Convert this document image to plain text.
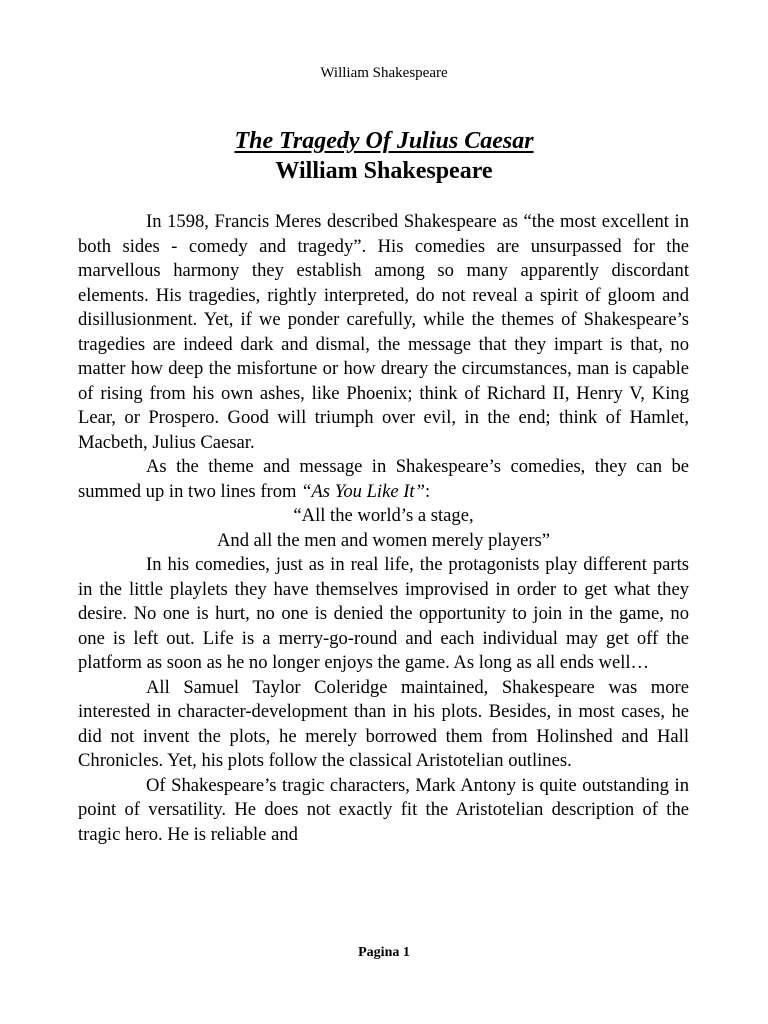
William Shakespeare

The Tragedy Of Julius Caesar

William Shakespeare

In 1598, Francis Meres described Shakespeare as “the most excellent in both sides - comedy and tragedy”. His comedies are unsurpassed for the marvellous harmony they establish among so many apparently discordant elements. His tragedies, rightly interpreted, do not reveal a spirit of gloom and disillusionment. Yet, if we ponder carefully, while the themes of Shakespeare’s tragedies are indeed dark and dismal, the message that they impart is that, no matter how deep the misfortune or how dreary the circumstances, man is capable of rising from his own ashes, like Phoenix; think of Richard II, Henry V, King Lear, or Prospero. Good will triumph over evil, in the end; think of Hamlet, Macbeth, Julius Caesar.

As the theme and message in Shakespeare’s comedies, they can be summed up in two lines from “As You Like It”:

“All the world’s a stage,

And all the men and women merely players”

In his comedies, just as in real life, the protagonists play different parts in the little playlets they have themselves improvised in order to get what they desire. No one is hurt, no one is denied the opportunity to join in the game, no one is left out. Life is a merry-go-round and each individual may get off the platform as soon as he no longer enjoys the game. As long as all ends well…

All Samuel Taylor Coleridge maintained, Shakespeare was more interested in character-development than in his plots. Besides, in most cases, he did not invent the plots, he merely borrowed them from Holinshed and Hall Chronicles. Yet, his plots follow the classical Aristotelian outlines.

Of Shakespeare’s tragic characters, Mark Antony is quite outstanding in point of versatility. He does not exactly fit the Aristotelian description of the tragic hero. He is reliable and

Pagina 1
